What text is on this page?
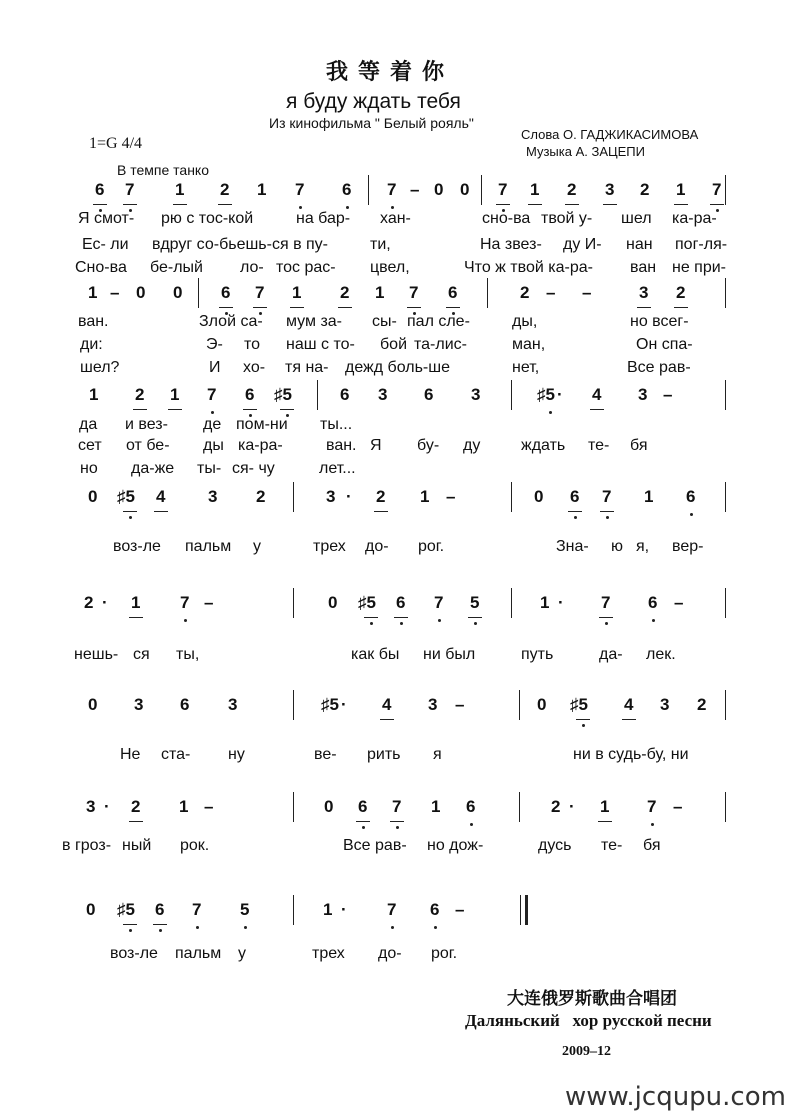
我等着你
я буду ждать тебя
Из кинофильма " Белый рояль"
Слова О. ГАДЖИКАСИМОВА
Музыка А. ЗАЦЕПИ
1=G 4/4
В темпе танко
6 7 1 2 1 7 6 7 – 0 0 7 1 2 3 2 1 7
1 – 0 0 6 7 1 2 1 7 6	2 – –	3 2
1 2 1 7 6 ♯5	6 3 6 3	♯5 · 4 3 –
0 ♯5 4	3 2	3 · 2 1 –	0 6 7 1 6
2 · 1 7 –	0 ♯5 6 7 5	1 · 7 6 –
0 3 6 3	♯5 · 4 3 –	0 ♯5 4 3 2
3 · 2 1 –	0 6 7 1 6	2 · 1 7 –
0 ♯5 6 7 5	1 · 7 6 –
Я смот- рю с тос-кой	на бар- хан-	сно-ва твой у- шел ка-ра-
Ес- ли вдруг со-бьешь-ся в пу-	ти,	На звез- ду И- нан пог-ля-
Сно-ва бе-лый ло- тос рас- цвел,	Что ж твой ка-ра- ван не при-
ван.	Злой са- мум за- сы- пал сле-	ды,	но всег-
ди:	Э- то наш с то- бой та-лис-	ман,	Он спа-
шел?	И хо- тя на- дежд боль-ше	нет,	Все рав-
да и вез- де пом-ни ты...
сет от бе- ды ка-ра-	ван. Я бу- ду	ждать те- бя
но да-же ты- ся- чу	лет...
воз-ле пальм у	трех до- рог.	Зна- ю я, вер-
нешь- ся ты,	как бы ни был	путь	да- лек.
Не ста- ну	ве- рить я	ни в судь-бу, ни
в гроз- ный рок.	Все рав- но дож-	дусь те- бя
воз-ле пальм у	трех до- рог.
大连俄罗斯歌曲合唱团
Даляньский   хор русской песни
2009–12
www.jcqupu.com
